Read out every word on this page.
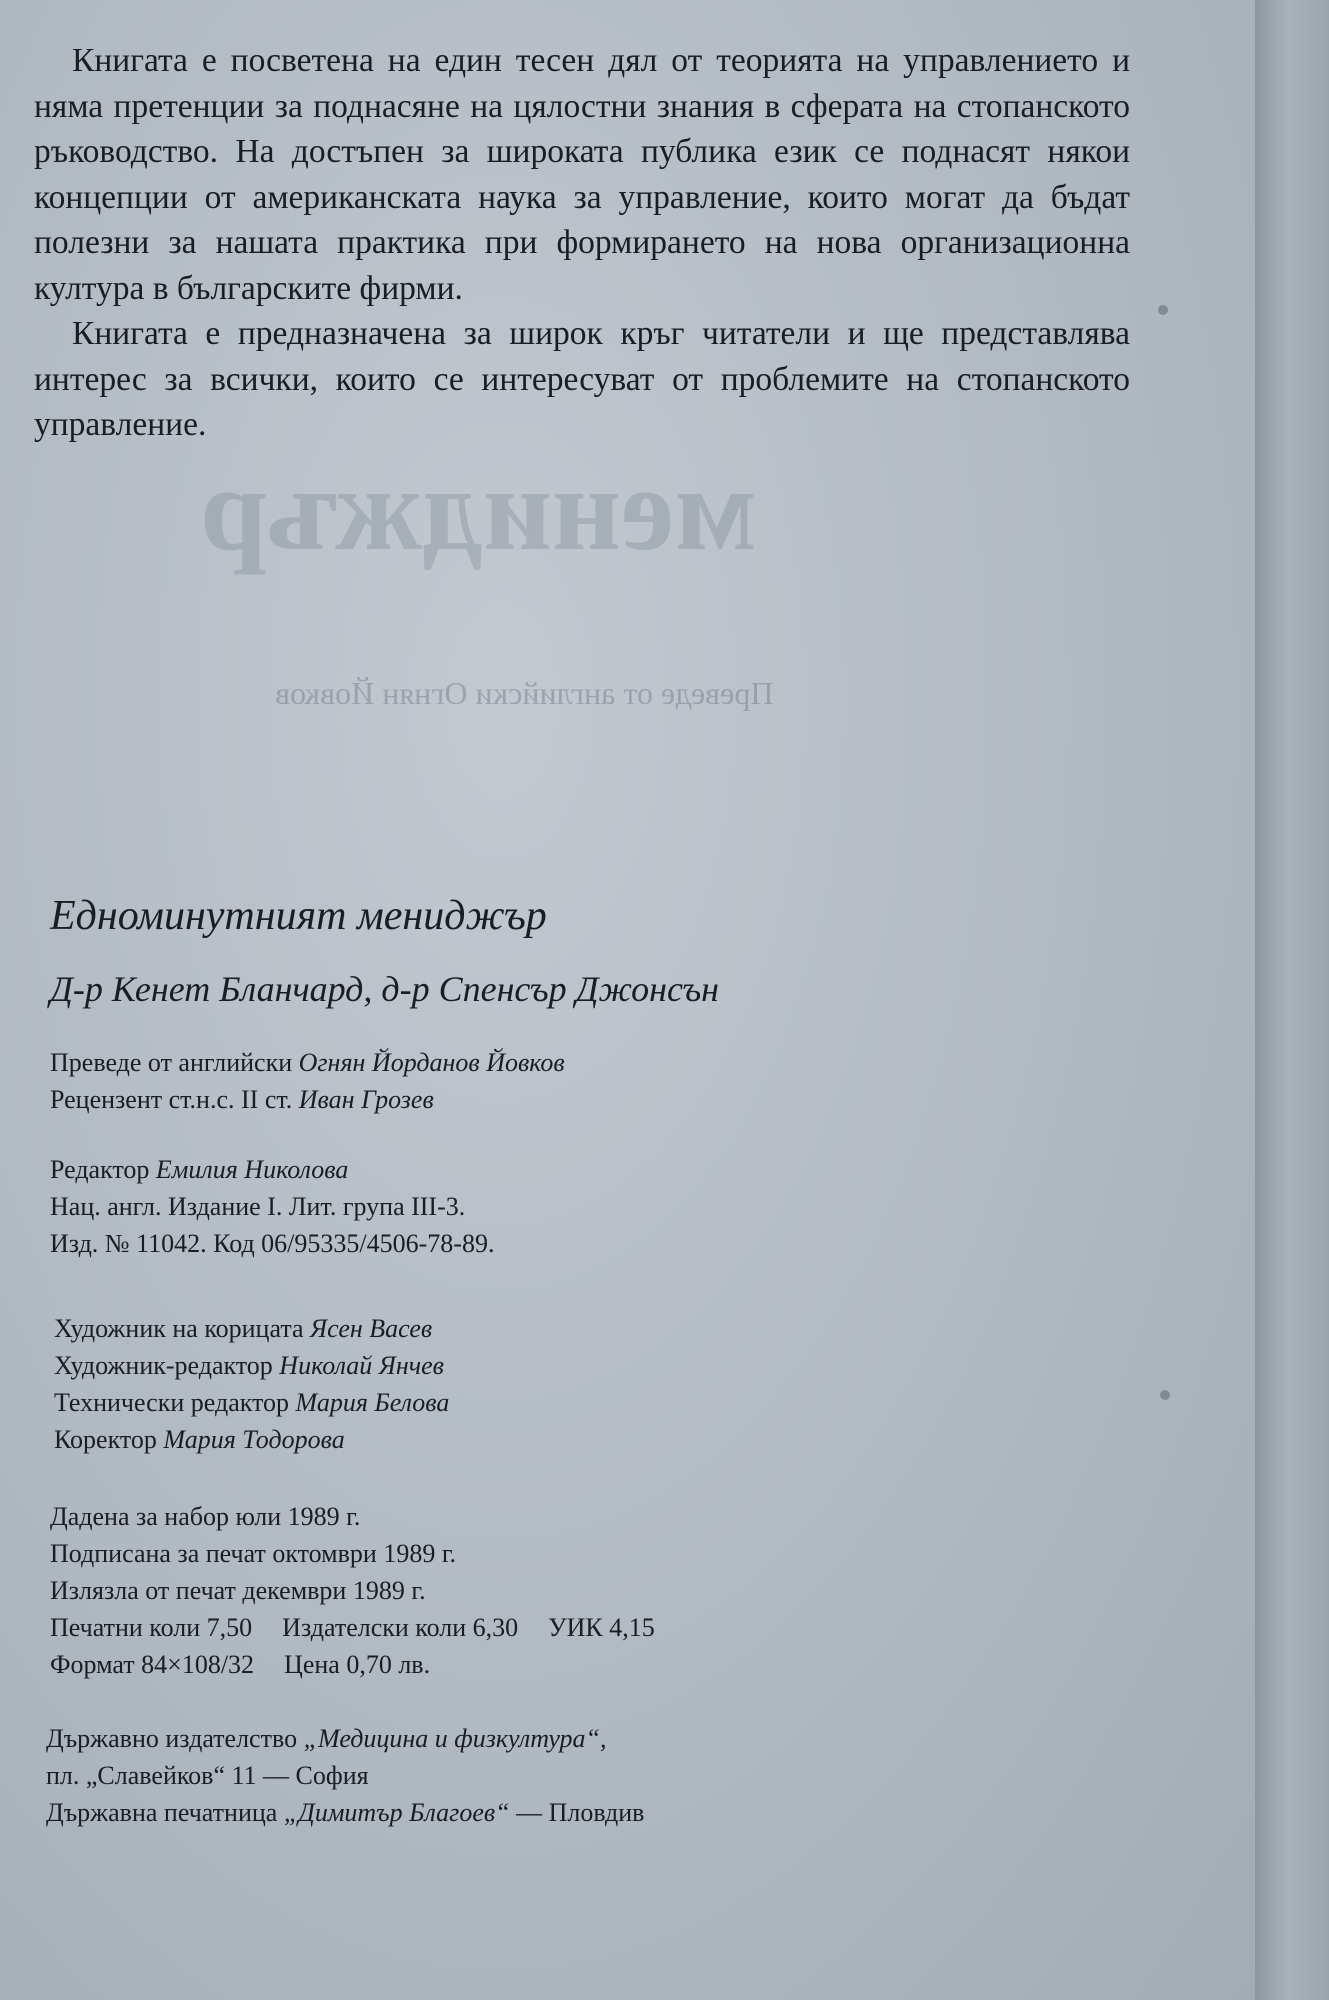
мениджър
Преведе от английски Огнян Йовков

Книгата е посветена на един тесен дял от теорията на управлението и няма претенции за поднасяне на цялостни знания в сферата на стопанското ръководство. На достъпен за широката публика език се поднасят някои концепции от американската наука за управление, които могат да бъдат полезни за нашата практика при формирането на нова организационна култура в българските фирми.

Книгата е предназначена за широк кръг читатели и ще представлява интерес за всички, които се интересуват от проблемите на стопанското управление.

Едноминутният мениджър
Д-р Кенет Бланчард, д-р Спенсър Джонсън
Преведе от английски Огнян Йорданов Йовков
Рецензент ст.н.с. II ст. Иван Грозев
Редактор Емилия Николова
Нац. англ. Издание I. Лит. група III-3.
Изд. № 11042. Код 06/95335/4506-78-89.
Художник на корицата Ясен Васев
Художник-редактор Николай Янчев
Технически редактор Мария Белова
Коректор Мария Тодорова
Дадена за набор юли 1989 г.
Подписана за печат октомври 1989 г.
Излязла от печат декември 1989 г.
Печатни коли 7,50 Издателски коли 6,30 УИК 4,15
Формат 84×108/32 Цена 0,70 лв.
Държавно издателство „Медицина и физкултура“,
пл. „Славейков“ 11 — София
Държавна печатница „Димитър Благоев“ — Пловдив
